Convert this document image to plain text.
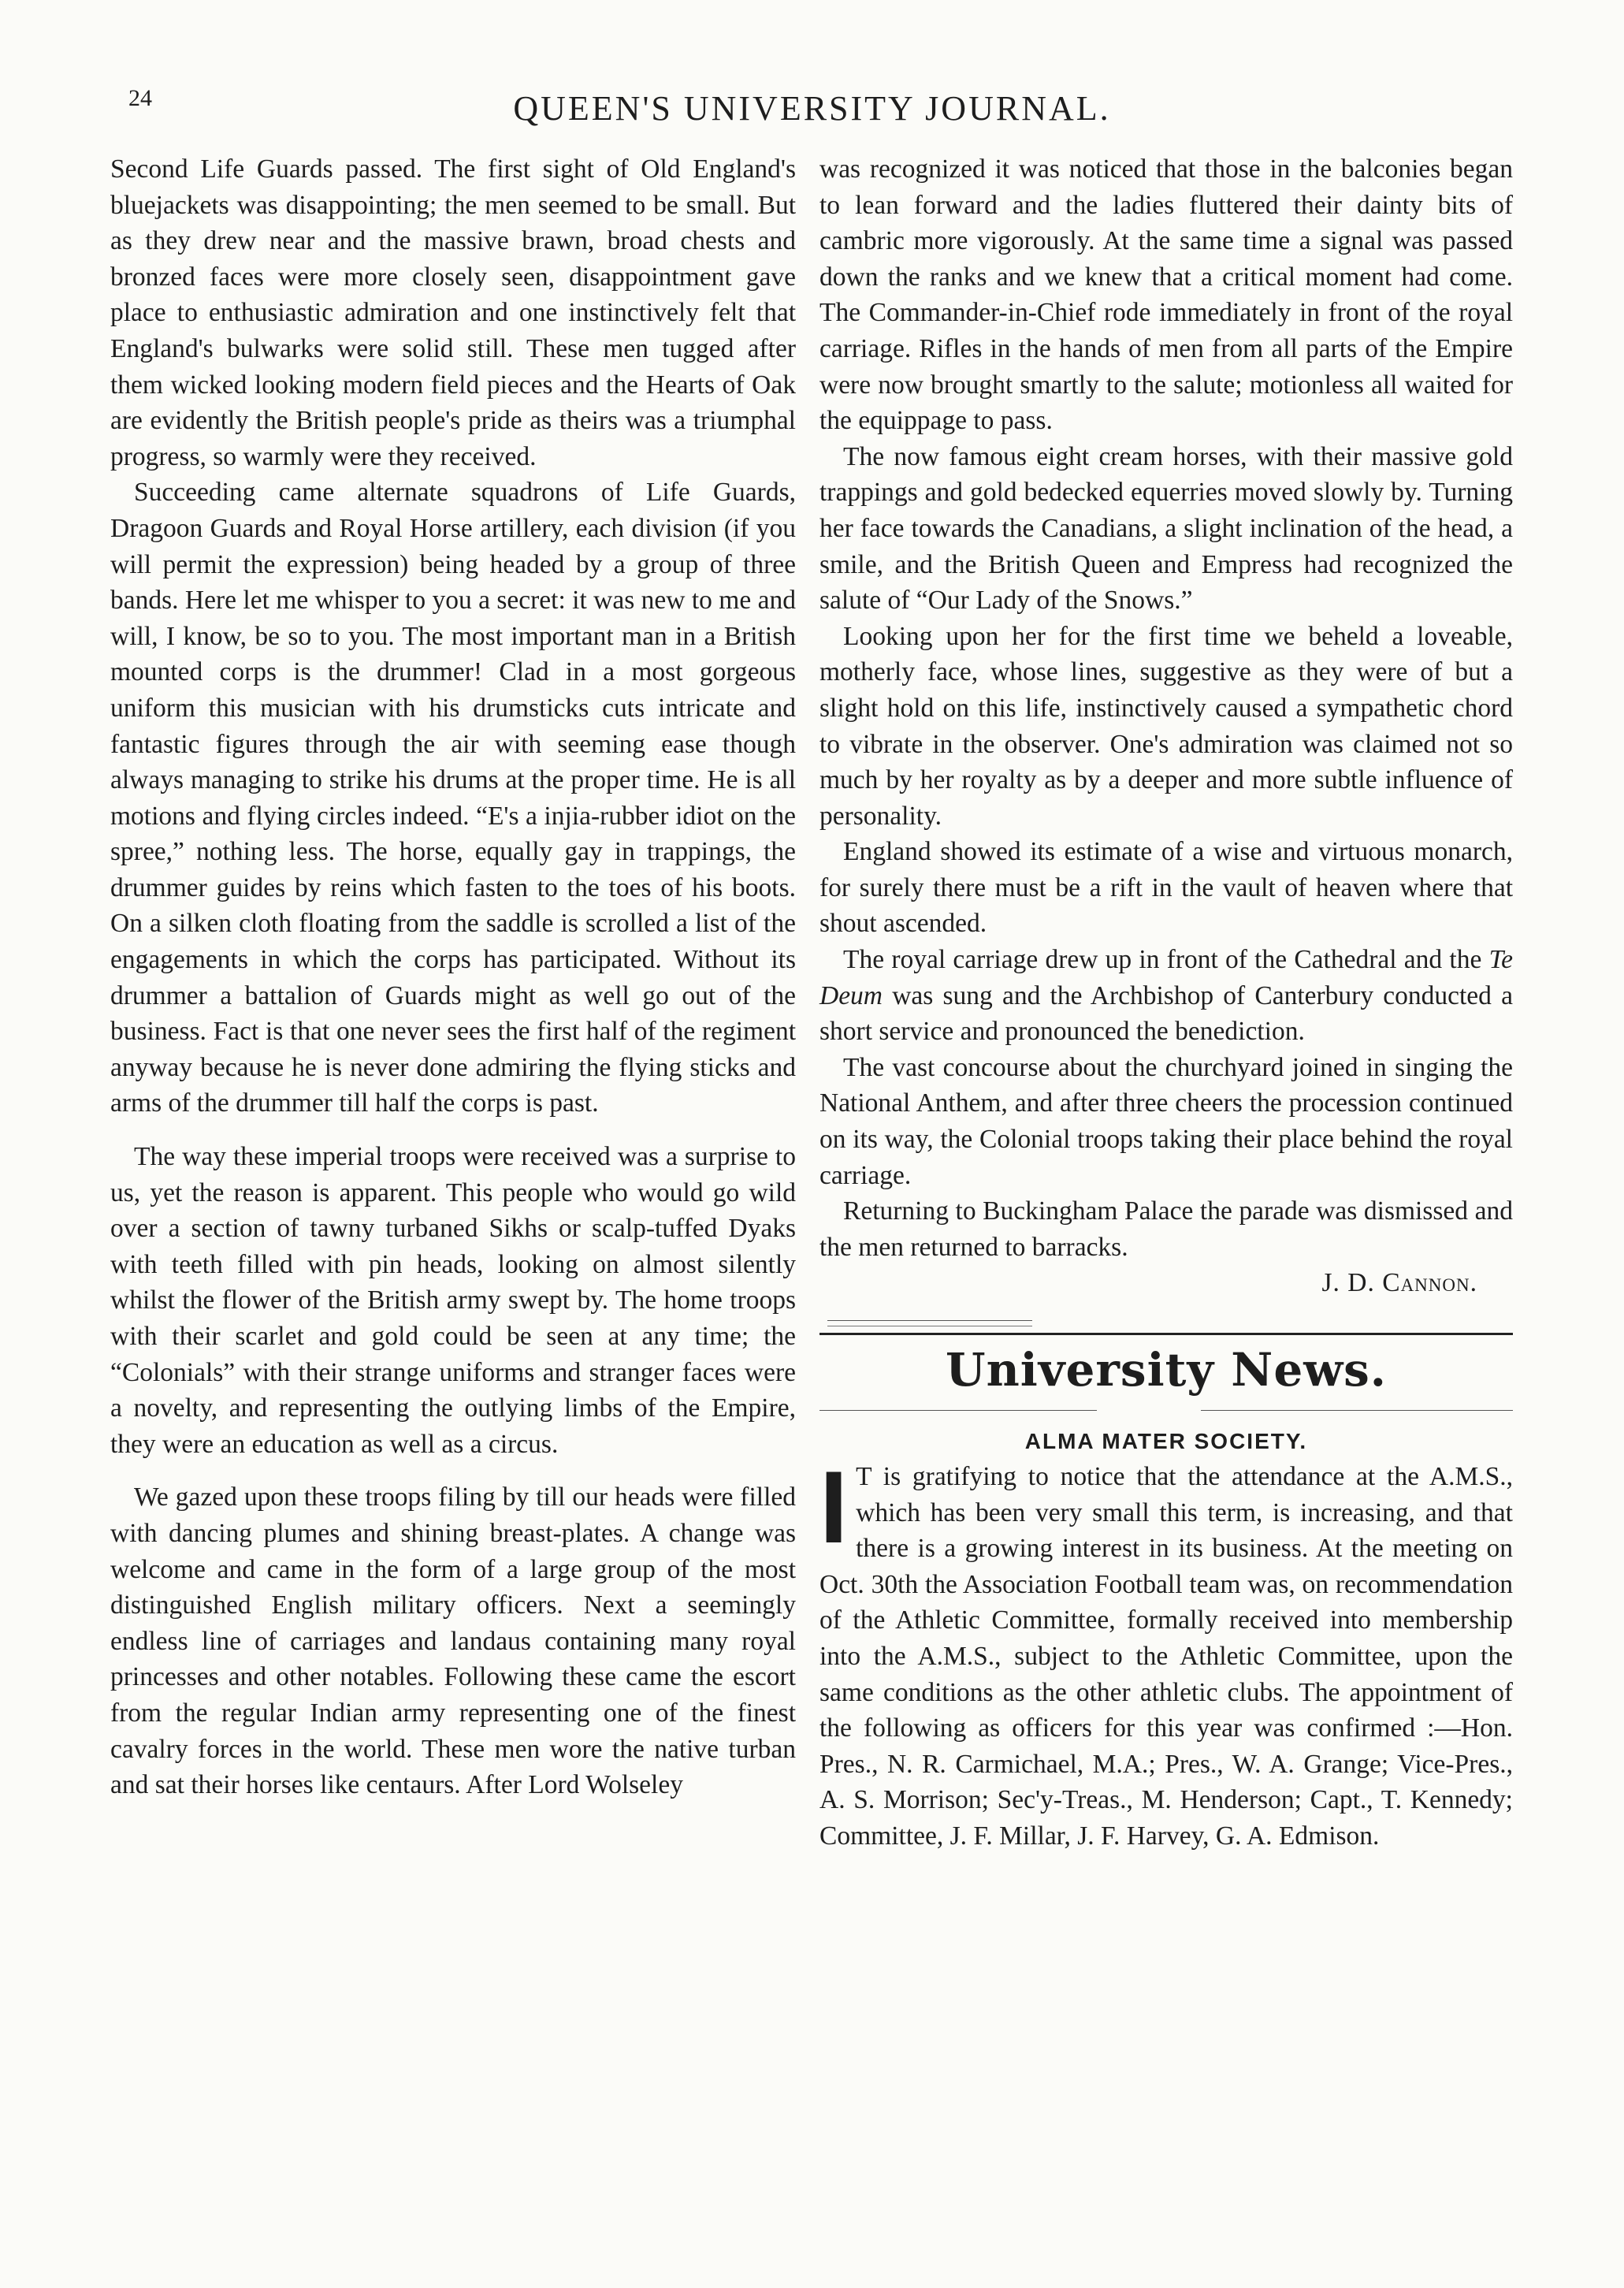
24	QUEEN'S UNIVERSITY JOURNAL.

Second Life Guards passed. The first sight of Old England's bluejackets was disappointing; the men seemed to be small. But as they drew near and the massive brawn, broad chests and bronzed faces were more closely seen, disappointment gave place to enthusiastic admiration and one instinctively felt that England's bulwarks were solid still. These men tugged after them wicked looking modern field pieces and the Hearts of Oak are evidently the British people's pride as theirs was a triumphal progress, so warmly were they received.

Succeeding came alternate squadrons of Life Guards, Dragoon Guards and Royal Horse artillery, each division (if you will permit the expression) being headed by a group of three bands. Here let me whisper to you a secret: it was new to me and will, I know, be so to you. The most important man in a British mounted corps is the drummer! Clad in a most gorgeous uniform this musician with his drumsticks cuts intricate and fantastic figures through the air with seeming ease though always managing to strike his drums at the proper time. He is all motions and flying circles indeed. “E's a injia-rubber idiot on the spree,” nothing less. The horse, equally gay in trappings, the drummer guides by reins which fasten to the toes of his boots. On a silken cloth floating from the saddle is scrolled a list of the engagements in which the corps has participated. Without its drummer a battalion of Guards might as well go out of the business. Fact is that one never sees the first half of the regiment anyway because he is never done admiring the flying sticks and arms of the drummer till half the corps is past.

The way these imperial troops were received was a surprise to us, yet the reason is apparent. This people who would go wild over a section of tawny turbaned Sikhs or scalp-tuffed Dyaks with teeth filled with pin heads, looking on almost silently whilst the flower of the British army swept by. The home troops with their scarlet and gold could be seen at any time; the “Colonials” with their strange uniforms and stranger faces were a novelty, and representing the outlying limbs of the Empire, they were an education as well as a circus.

We gazed upon these troops filing by till our heads were filled with dancing plumes and shining breast-plates. A change was welcome and came in the form of a large group of the most distinguished English military officers. Next a seemingly endless line of carriages and landaus containing many royal princesses and other notables. Following these came the escort from the regular Indian army representing one of the finest cavalry forces in the world. These men wore the native turban and sat their horses like centaurs. After Lord Wolseley

was recognized it was noticed that those in the balconies began to lean forward and the ladies fluttered their dainty bits of cambric more vigorously. At the same time a signal was passed down the ranks and we knew that a critical moment had come. The Commander-in-Chief rode immediately in front of the royal carriage. Rifles in the hands of men from all parts of the Empire were now brought smartly to the salute; motionless all waited for the equippage to pass.

The now famous eight cream horses, with their massive gold trappings and gold bedecked equerries moved slowly by. Turning her face towards the Canadians, a slight inclination of the head, a smile, and the British Queen and Empress had recognized the salute of “Our Lady of the Snows.”

Looking upon her for the first time we beheld a loveable, motherly face, whose lines, suggestive as they were of but a slight hold on this life, instinctively caused a sympathetic chord to vibrate in the observer. One's admiration was claimed not so much by her royalty as by a deeper and more subtle influence of personality.

England showed its estimate of a wise and virtuous monarch, for surely there must be a rift in the vault of heaven where that shout ascended.

The royal carriage drew up in front of the Cathedral and the Te Deum was sung and the Archbishop of Canterbury conducted a short service and pronounced the benediction.

The vast concourse about the churchyard joined in singing the National Anthem, and after three cheers the procession continued on its way, the Colonial troops taking their place behind the royal carriage.

Returning to Buckingham Palace the parade was dismissed and the men returned to barracks.

J. D. Cannon.
University News.
ALMA MATER SOCIETY.

I T is gratifying to notice that the attendance at the A.M.S., which has been very small this term, is increasing, and that there is a growing interest in its business. At the meeting on Oct. 30th the Association Football team was, on recommendation of the Athletic Committee, formally received into membership into the A.M.S., subject to the Athletic Committee, upon the same conditions as the other athletic clubs. The appointment of the following as officers for this year was confirmed :—Hon. Pres., N. R. Carmichael, M.A.; Pres., W. A. Grange; Vice-Pres., A. S. Morrison; Sec'y-Treas., M. Henderson; Capt., T. Kennedy; Committee, J. F. Millar, J. F. Harvey, G. A. Edmison.
